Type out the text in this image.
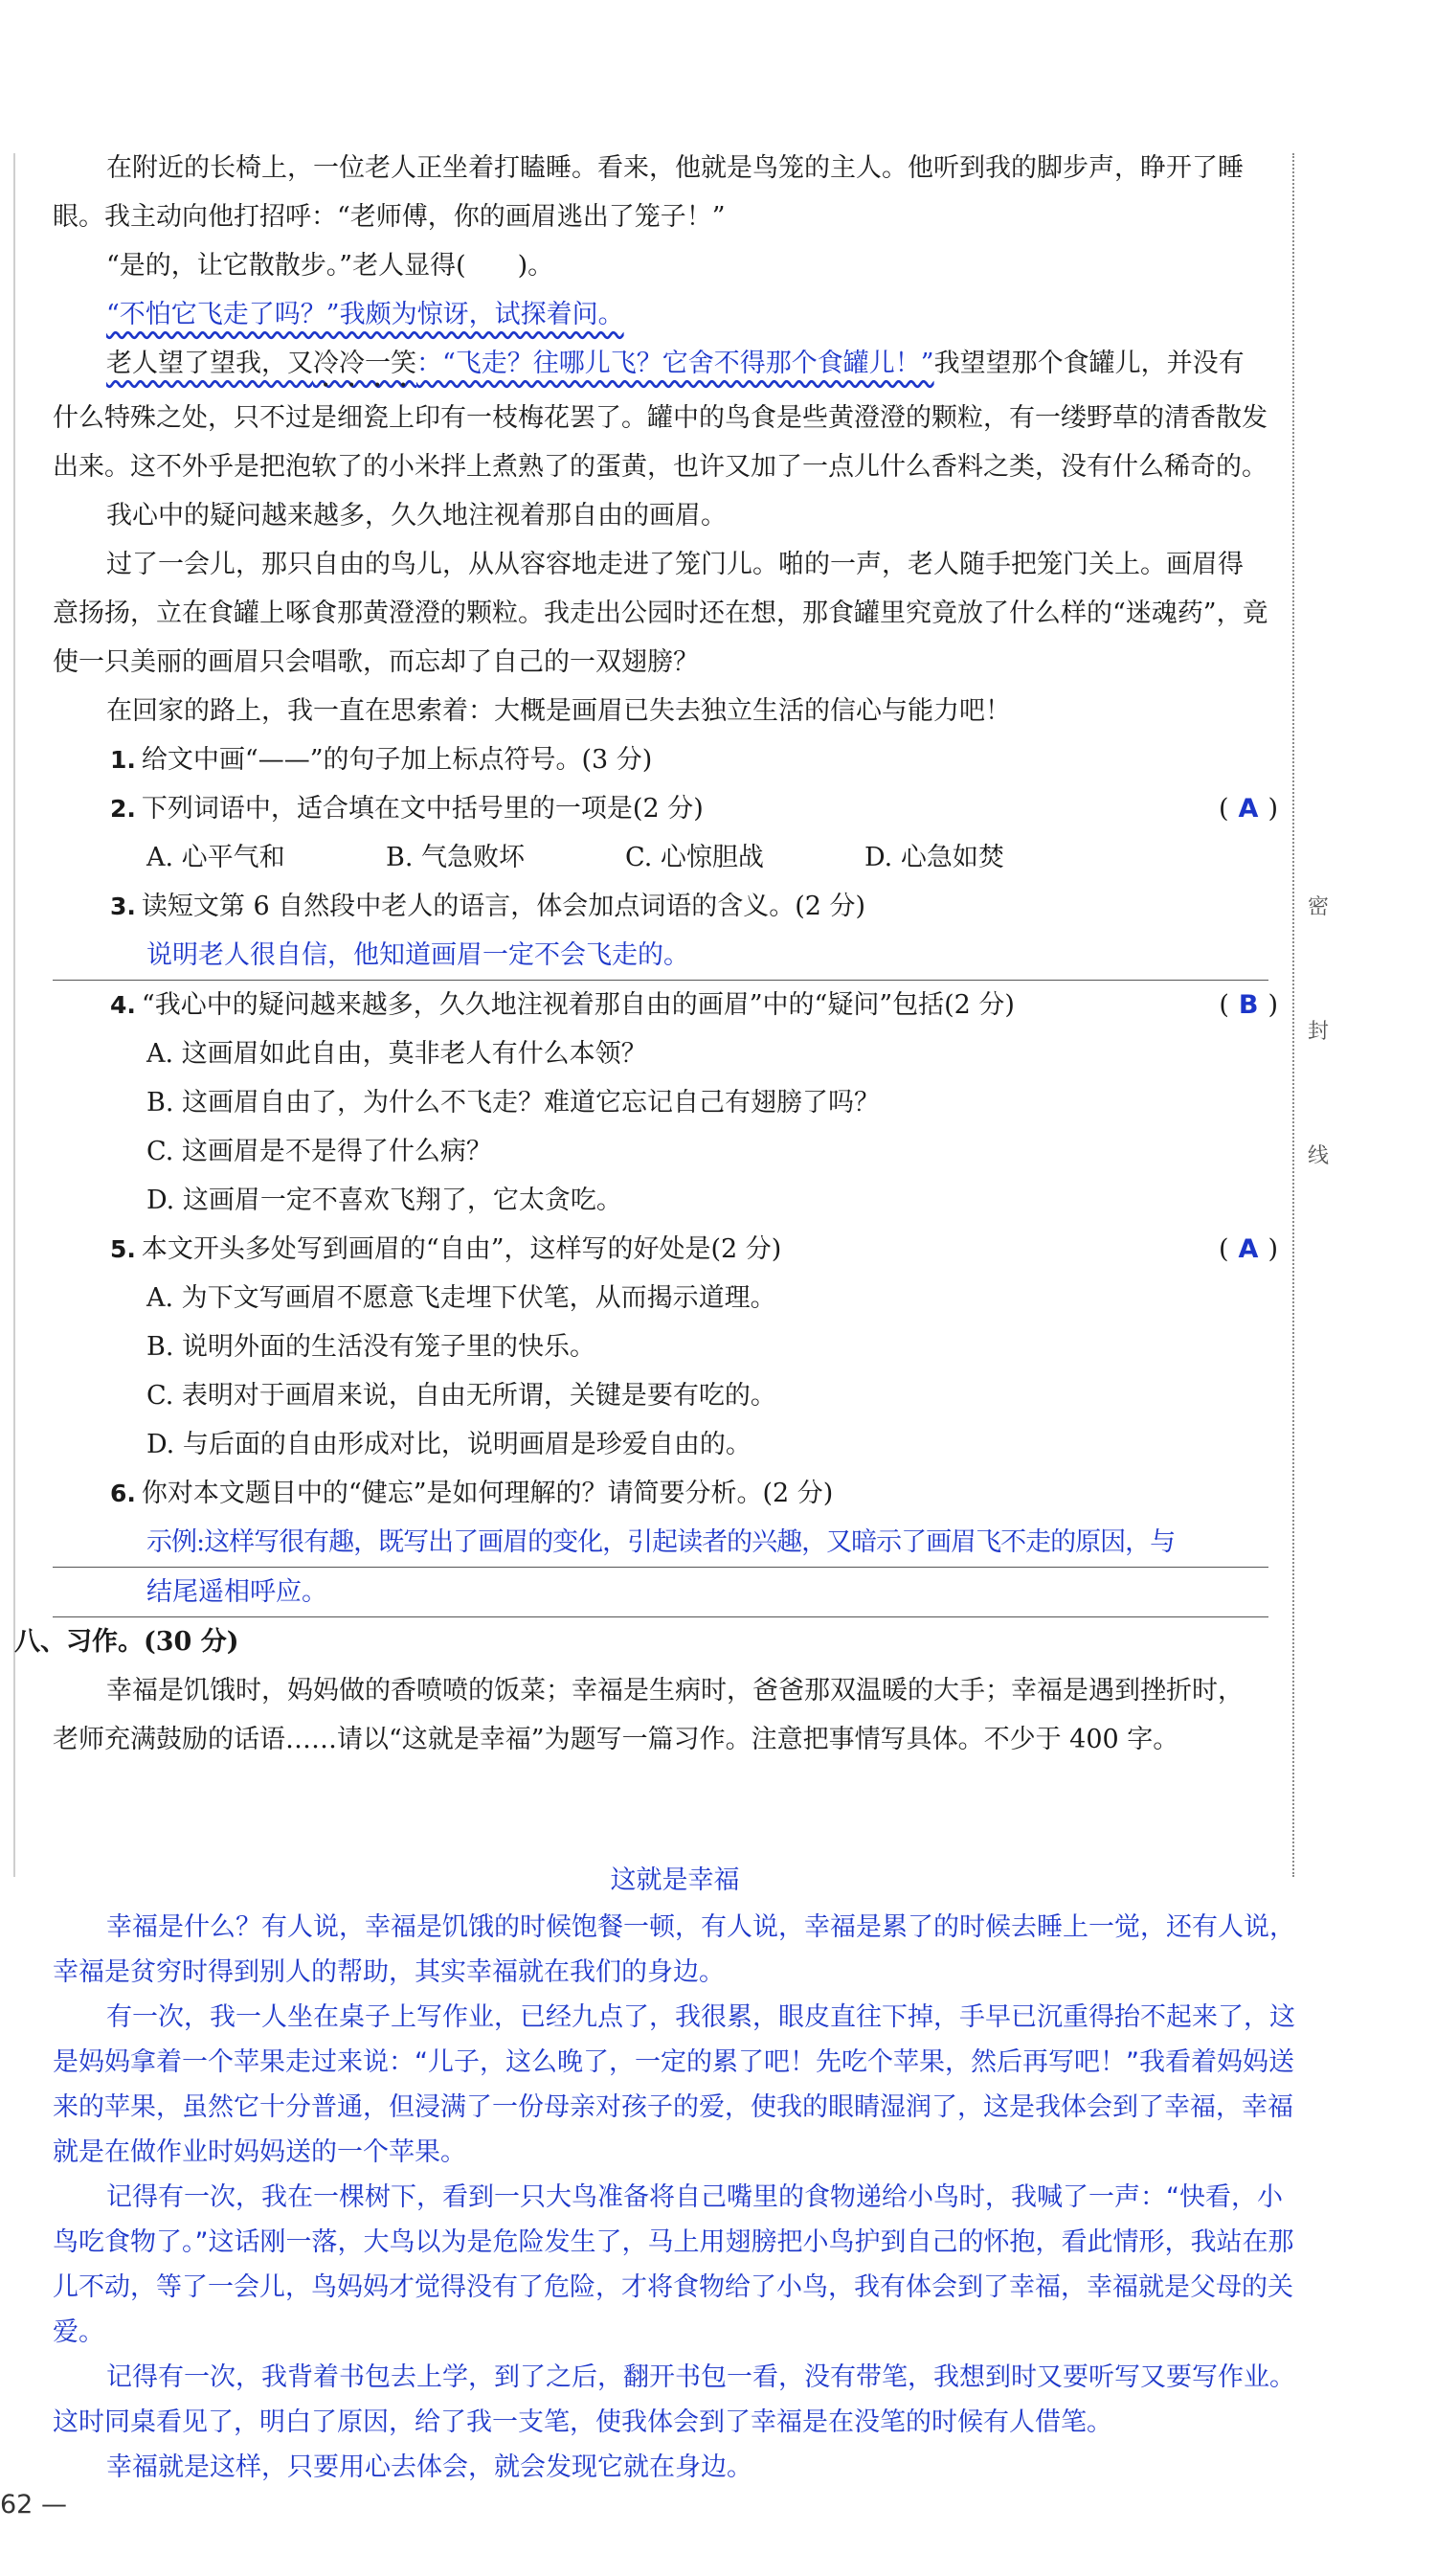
密
封
线

在附近的长椅上，一位老人正坐着打瞌睡。看来，他就是鸟笼的主人。他听到我的脚步声，睁开了睡眼。我主动向他打招呼：“老师傅，你的画眉逃出了笼子！”

“是的，让它散散步。”老人显得(　　)。

“不怕它飞走了吗？”我颇为惊讶，试探着问。

老人望了望我，又冷冷一笑：“飞走？往哪儿飞？它舍不得那个食罐儿！”我望望那个食罐儿，并没有什么特殊之处，只不过是细瓷上印有一枝梅花罢了。罐中的鸟食是些黄澄澄的颗粒，有一缕野草的清香散发出来。这不外乎是把泡软了的小米拌上煮熟了的蛋黄，也许又加了一点儿什么香料之类，没有什么稀奇的。

我心中的疑问越来越多，久久地注视着那自由的画眉。

过了一会儿，那只自由的鸟儿，从从容容地走进了笼门儿。啪的一声，老人随手把笼门关上。画眉得意扬扬，立在食罐上啄食那黄澄澄的颗粒。我走出公园时还在想，那食罐里究竟放了什么样的“迷魂药”，竟使一只美丽的画眉只会唱歌，而忘却了自己的一双翅膀？

在回家的路上，我一直在思索着：大概是画眉已失去独立生活的信心与能力吧！

1. 给文中画“——”的句子加上标点符号。(3 分)

2. 下列词语中，适合填在文中括号里的一项是(2 分)	( A )

A. 心平气和	B. 气急败坏	C. 心惊胆战	D. 心急如焚

3. 读短文第 6 自然段中老人的语言，体会加点词语的含义。(2 分)

说明老人很自信，他知道画眉一定不会飞走的。

4. “我心中的疑问越来越多，久久地注视着那自由的画眉”中的“疑问”包括(2 分)	( B )

A. 这画眉如此自由，莫非老人有什么本领？

B. 这画眉自由了，为什么不飞走？难道它忘记自己有翅膀了吗？

C. 这画眉是不是得了什么病？

D. 这画眉一定不喜欢飞翔了，它太贪吃。

5. 本文开头多处写到画眉的“自由”，这样写的好处是(2 分)	( A )

A. 为下文写画眉不愿意飞走埋下伏笔，从而揭示道理。

B. 说明外面的生活没有笼子里的快乐。

C. 表明对于画眉来说，自由无所谓，关键是要有吃的。

D. 与后面的自由形成对比，说明画眉是珍爱自由的。

6. 你对本文题目中的“健忘”是如何理解的？请简要分析。(2 分)

示例:这样写很有趣，既写出了画眉的变化，引起读者的兴趣，又暗示了画眉飞不走的原因，与

结尾遥相呼应。

八、习作。(30 分)

幸福是饥饿时，妈妈做的香喷喷的饭菜；幸福是生病时，爸爸那双温暖的大手；幸福是遇到挫折时，老师充满鼓励的话语……请以“这就是幸福”为题写一篇习作。注意把事情写具体。不少于 400 字。

这就是幸福

幸福是什么？有人说，幸福是饥饿的时候饱餐一顿，有人说，幸福是累了的时候去睡上一觉，还有人说，幸福是贫穷时得到别人的帮助，其实幸福就在我们的身边。

有一次，我一人坐在桌子上写作业，已经九点了，我很累，眼皮直往下掉，手早已沉重得抬不起来了，这是妈妈拿着一个苹果走过来说：“儿子，这么晚了，一定的累了吧！先吃个苹果，然后再写吧！”我看着妈妈送来的苹果，虽然它十分普通，但浸满了一份母亲对孩子的爱，使我的眼睛湿润了，这是我体会到了幸福，幸福就是在做作业时妈妈送的一个苹果。

记得有一次，我在一棵树下，看到一只大鸟准备将自己嘴里的食物递给小鸟时，我喊了一声：“快看，小鸟吃食物了。”这话刚一落，大鸟以为是危险发生了，马上用翅膀把小鸟护到自己的怀抱，看此情形，我站在那儿不动，等了一会儿，鸟妈妈才觉得没有了危险，才将食物给了小鸟，我有体会到了幸福，幸福就是父母的关爱。

记得有一次，我背着书包去上学，到了之后，翻开书包一看，没有带笔，我想到时又要听写又要写作业。这时同桌看见了，明白了原因，给了我一支笔，使我体会到了幸福是在没笔的时候有人借笔。

幸福就是这样，只要用心去体会，就会发现它就在身边。

62 —
